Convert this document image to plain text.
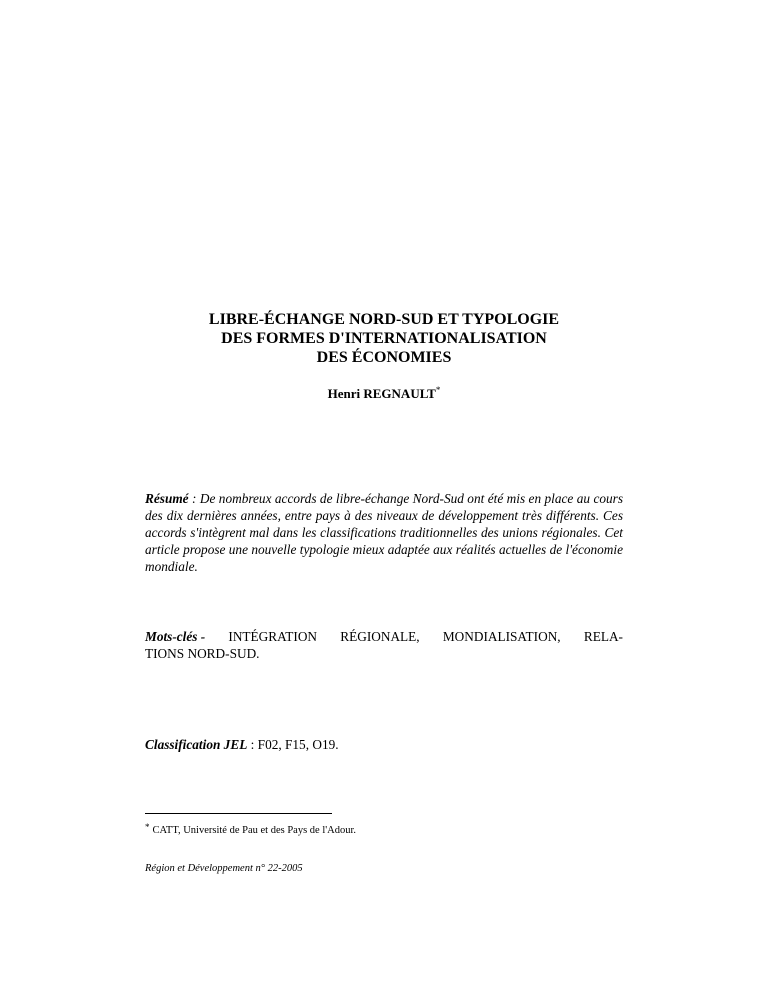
LIBRE-ÉCHANGE NORD-SUD ET TYPOLOGIE
DES FORMES D'INTERNATIONALISATION
DES ÉCONOMIES
Henri REGNAULT*
Résumé : De nombreux accords de libre-échange Nord-Sud ont été mis en place au cours des dix dernières années, entre pays à des niveaux de développement très différents. Ces accords s'intègrent mal dans les classifications traditionnelles des unions régionales. Cet article propose une nouvelle typologie mieux adaptée aux réalités actuelles de l'économie mondiale.
Mots-clés - INTÉGRATION RÉGIONALE, MONDIALISATION, RELA-
TIONS NORD-SUD.
Classification JEL : F02, F15, O19.
* CATT, Université de Pau et des Pays de l'Adour.
Région et Développement n° 22-2005
